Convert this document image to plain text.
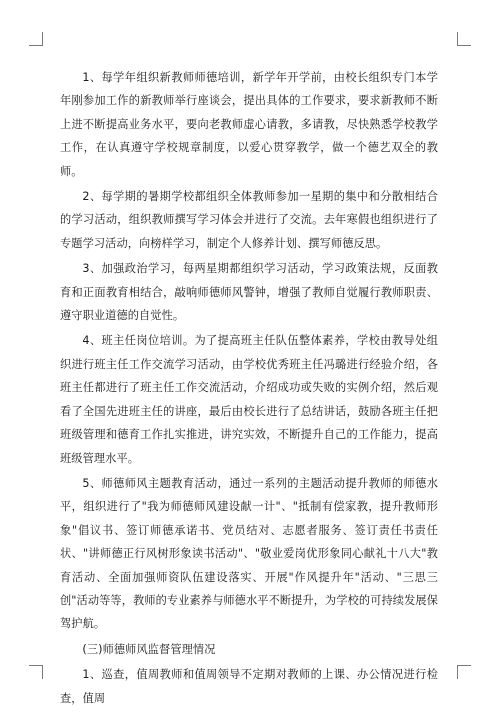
1、每学年组织新教师师德培训，新学年开学前，由校长组织专门本学年刚参加工作的新教师举行座谈会，提出具体的工作要求，要求新教师不断上进不断提高业务水平，要向老教师虚心请教，多请教，尽快熟悉学校教学工作，在认真遵守学校规章制度，以爱心贯穿教学，做一个德艺双全的教师。

2、每学期的暑期学校都组织全体教师参加一星期的集中和分散相结合的学习活动，组织教师撰写学习体会并进行了交流。去年寒假也组织进行了专题学习活动，向榜样学习，制定个人修养计划、撰写师德反思。

3、加强政治学习，每两星期都组织学习活动，学习政策法规，反面教育和正面教育相结合，敲响师德师风警钟，增强了教师自觉履行教师职责、遵守职业道德的自觉性。

4、班主任岗位培训。为了提高班主任队伍整体素养，学校由教导处组织进行班主任工作交流学习活动，由学校优秀班主任冯璐进行经验介绍，各班主任都进行了班主任工作交流活动，介绍成功或失败的实例介绍，然后观看了全国先进班主任的讲座，最后由校长进行了总结讲话，鼓励各班主任把班级管理和德育工作扎实推进，讲究实效，不断提升自己的工作能力，提高班级管理水平。

5、师德师风主题教育活动，通过一系列的主题活动提升教师的师德水平，组织进行了"我为师德师风建设献一计"、"抵制有偿家教，提升教师形象"倡议书、签订师德承诺书、党员结对、志愿者服务、签订责任书责任状、"讲师德正行风树形象读书活动"、"敬业爱岗优形象同心献礼十八大"教育活动、全面加强师资队伍建设落实、开展"作风提升年"活动、"三思三创"活动等等，教师的专业素养与师德水平不断提升，为学校的可持续发展保驾护航。

(三)师德师风监督管理情况

1、巡查，值周教师和值周领导不定期对教师的上课、办公情况进行检查，值周
